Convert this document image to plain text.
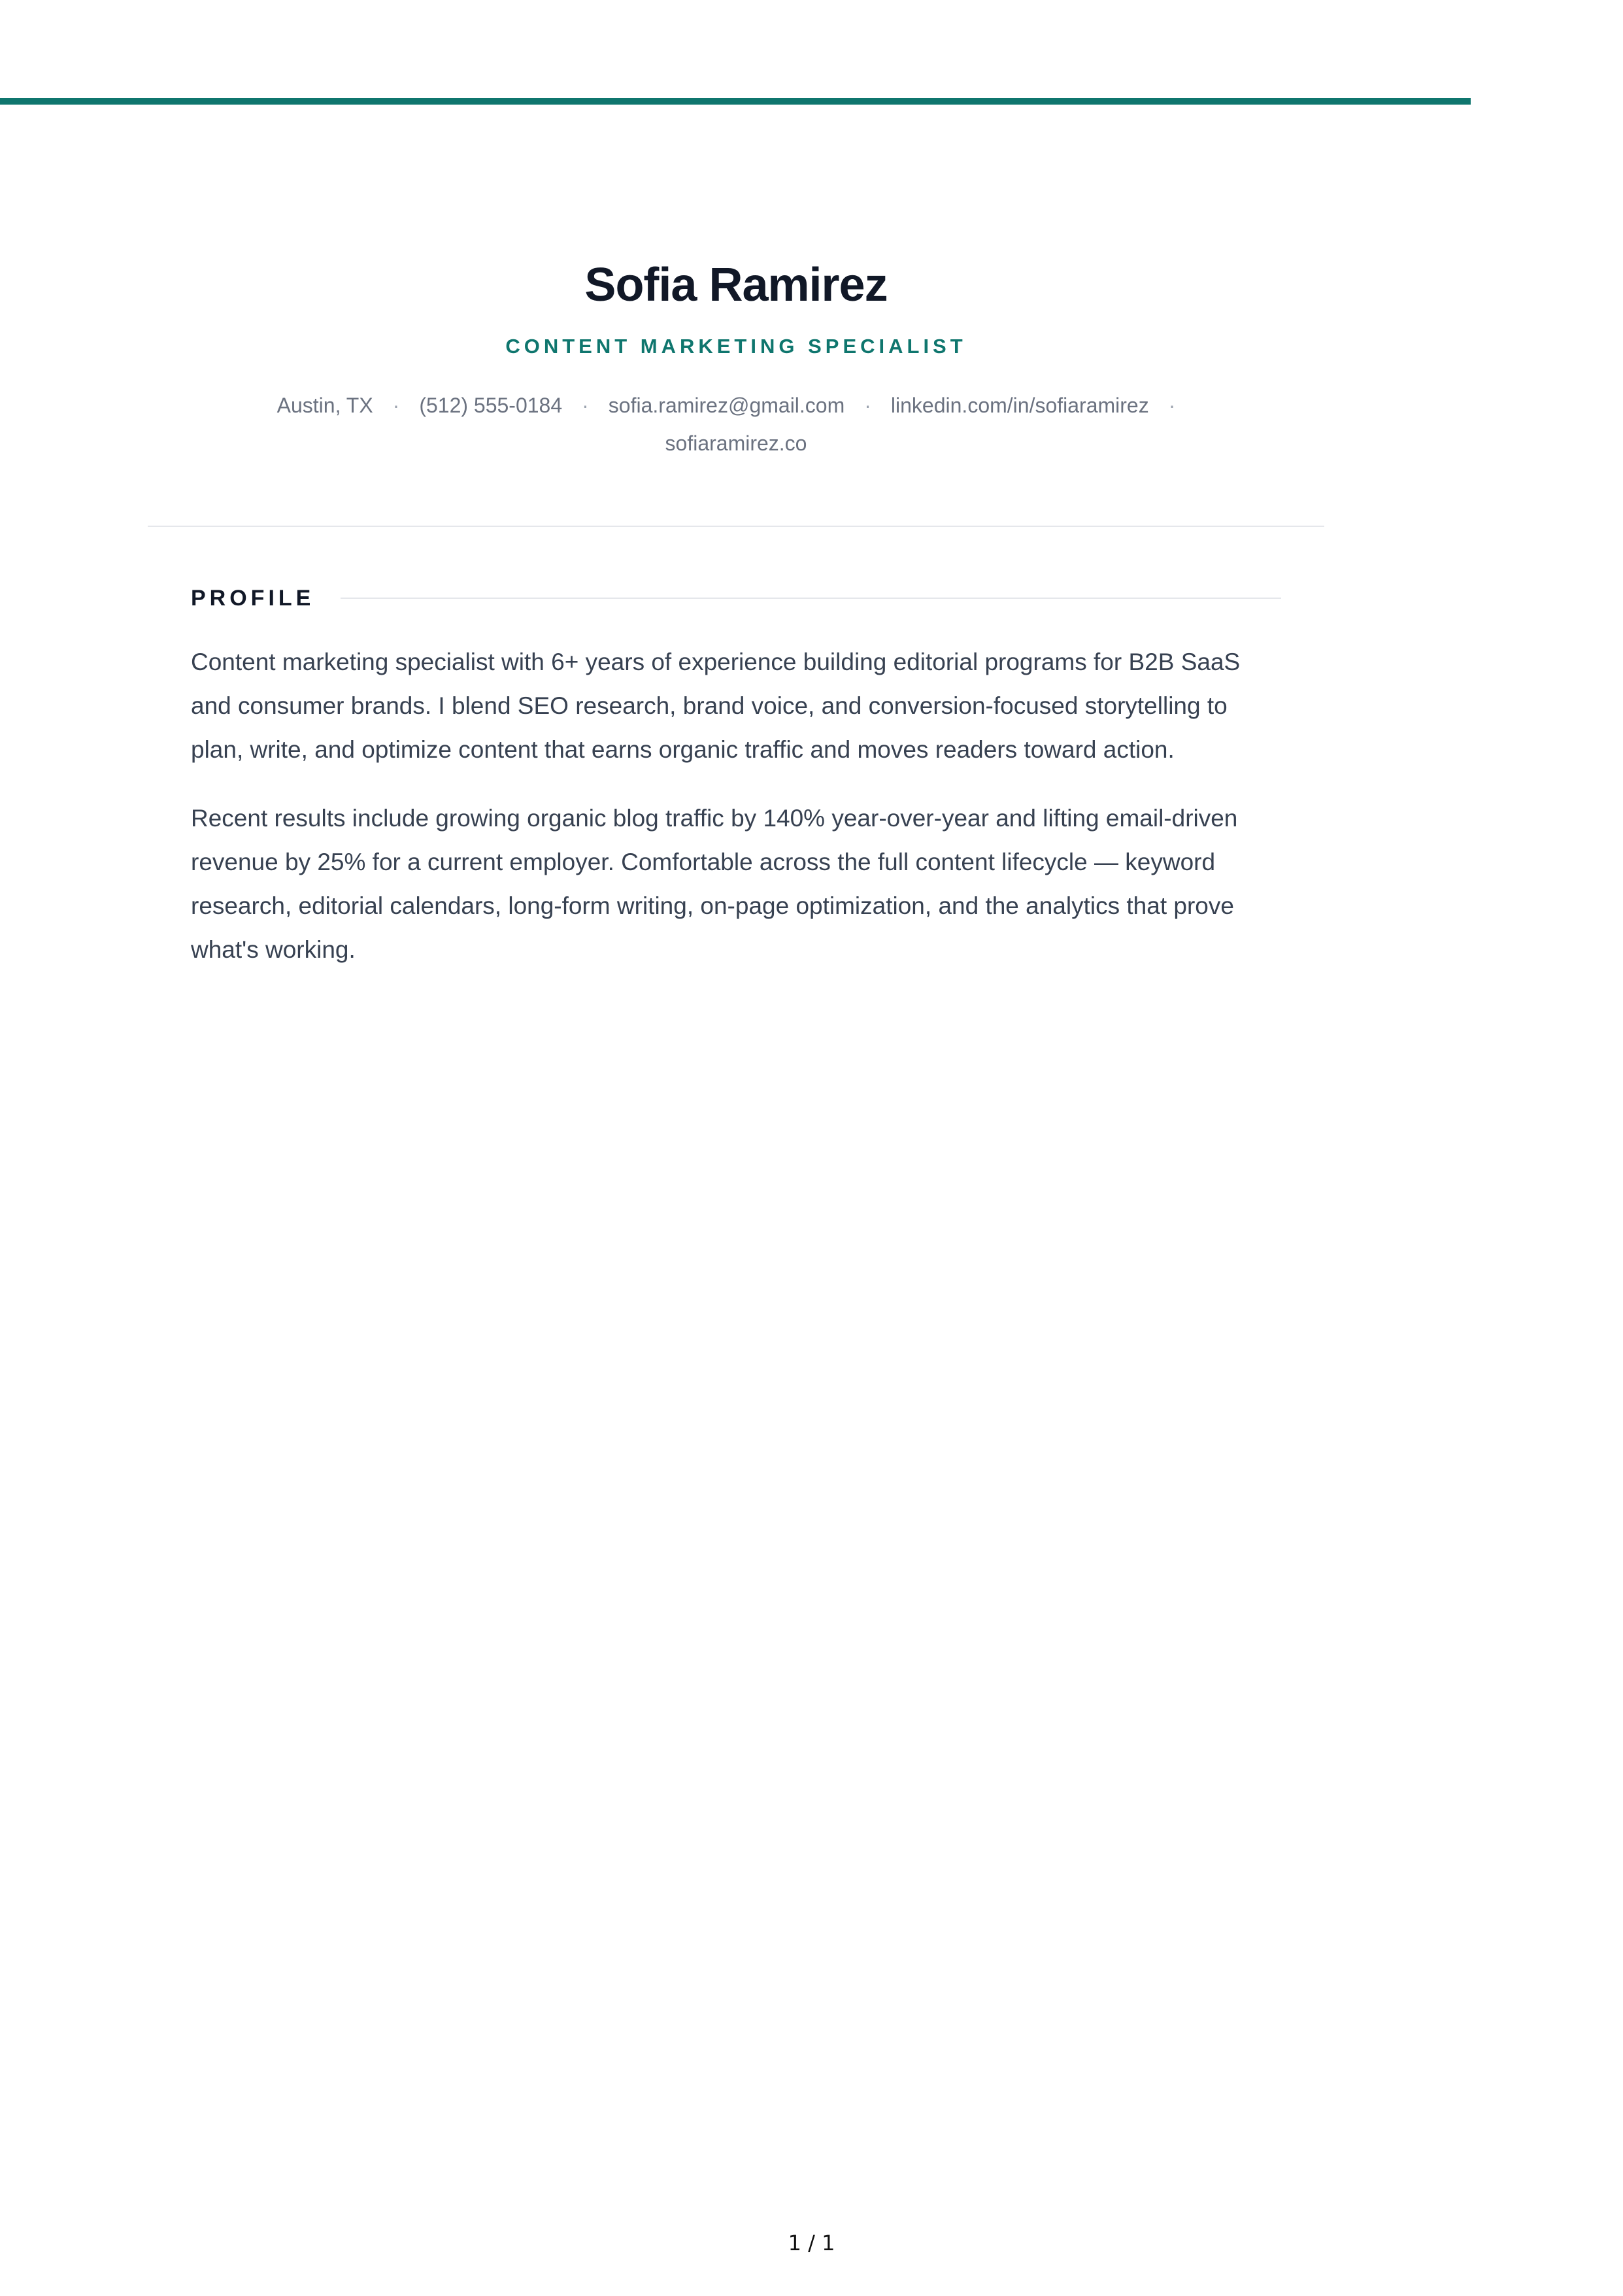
Sofia Ramirez
CONTENT MARKETING SPECIALIST
Austin, TX · (512) 555-0184 · sofia.ramirez@gmail.com · linkedin.com/in/sofiaramirez ·
sofiaramirez.co
PROFILE

Content marketing specialist with 6+ years of experience building editorial programs for B2B SaaS and consumer brands. I blend SEO research, brand voice, and conversion-focused storytelling to plan, write, and optimize content that earns organic traffic and moves readers toward action.

Recent results include growing organic blog traffic by 140% year-over-year and lifting email-driven revenue by 25% for a current employer. Comfortable across the full content lifecycle — keyword research, editorial calendars, long-form writing, on-page optimization, and the analytics that prove what's working.

1 / 1
